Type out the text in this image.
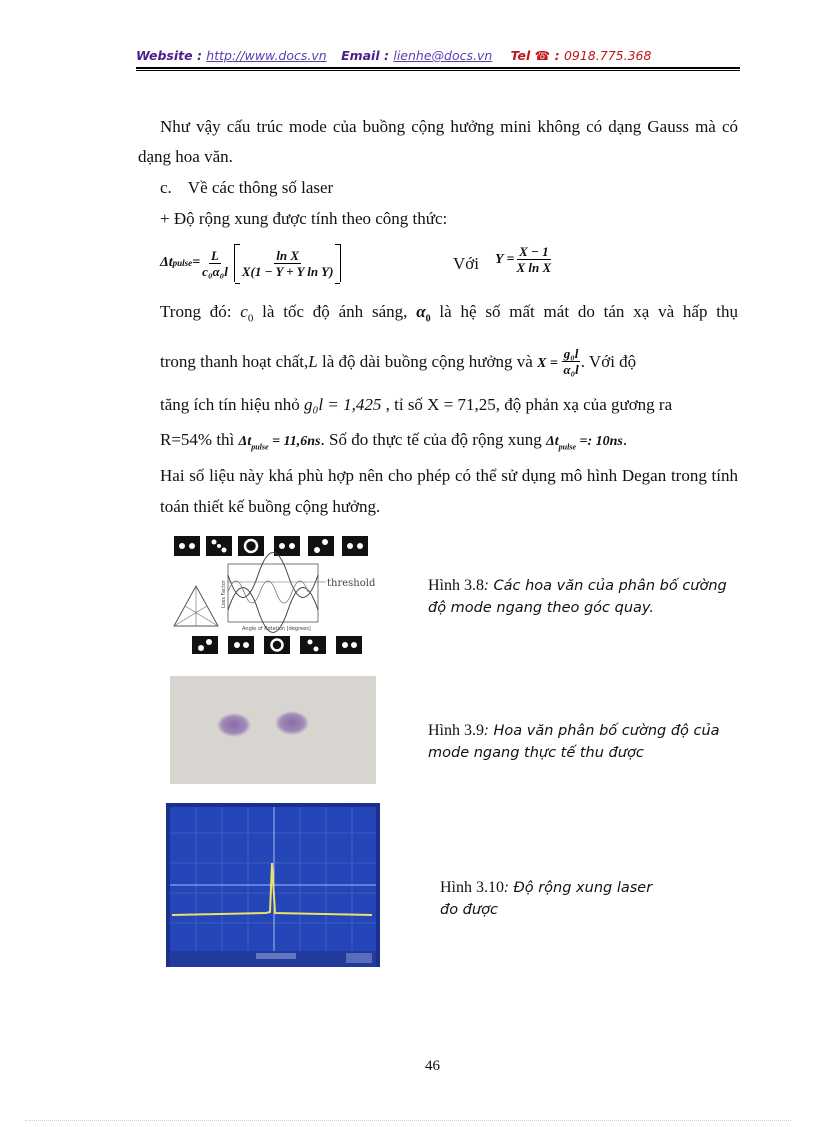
Website : http://www.docs.vn Email : lienhe@docs.vn Tel ☎ : 0918.775.368
Như vậy cấu trúc mode của buồng cộng hưởng mini không có dạng Gauss mà có dạng hoa văn.
c. Về các thông số laser
+ Độ rộng xung được tính theo công thức:
Δt pulse = $\frac{L}{\text{c₀α₀l}} \frac{\text{ln X}}{\text{X(1 − Y + Y ln Y)}}$	Với $Y = \frac{X - 1}{\text{X ln X}}$
Trong đó: $c_0$ là tốc độ ánh sáng, $\alpha_0$ là hệ số mất mát do tán xạ và hấp thụ
trong thanh hoạt chất, L là độ dài buồng cộng hưởng và $X = \frac{\text{g₀l}}{\text{α₀l}}$ . Với độ
tăng ích tín hiệu nhỏ g₀l = 1,425 , tỉ số X = 71,25, độ phản xạ của gương ra
R=54% thì $\Delta t_{pulse} = 11,6ns$. Số đo thực tế của độ rộng xung $\Delta t_{pulse}$ =: 10ns.
Hai số liệu này khá phù hợp nên cho phép có thể sử dụng mô hình Degan trong tính toán thiết kế buồng cộng hưởng.
threshold
Loss Factor
Angle of Rotation [degrees]
Hình 3.8: Các hoa văn của phân bố cường độ mode ngang theo góc quay.
Hình 3.9: Hoa văn phân bố cường độ của mode ngang thực tế thu được
Hình 3.10: Độ rộng xung laser đo được
46
